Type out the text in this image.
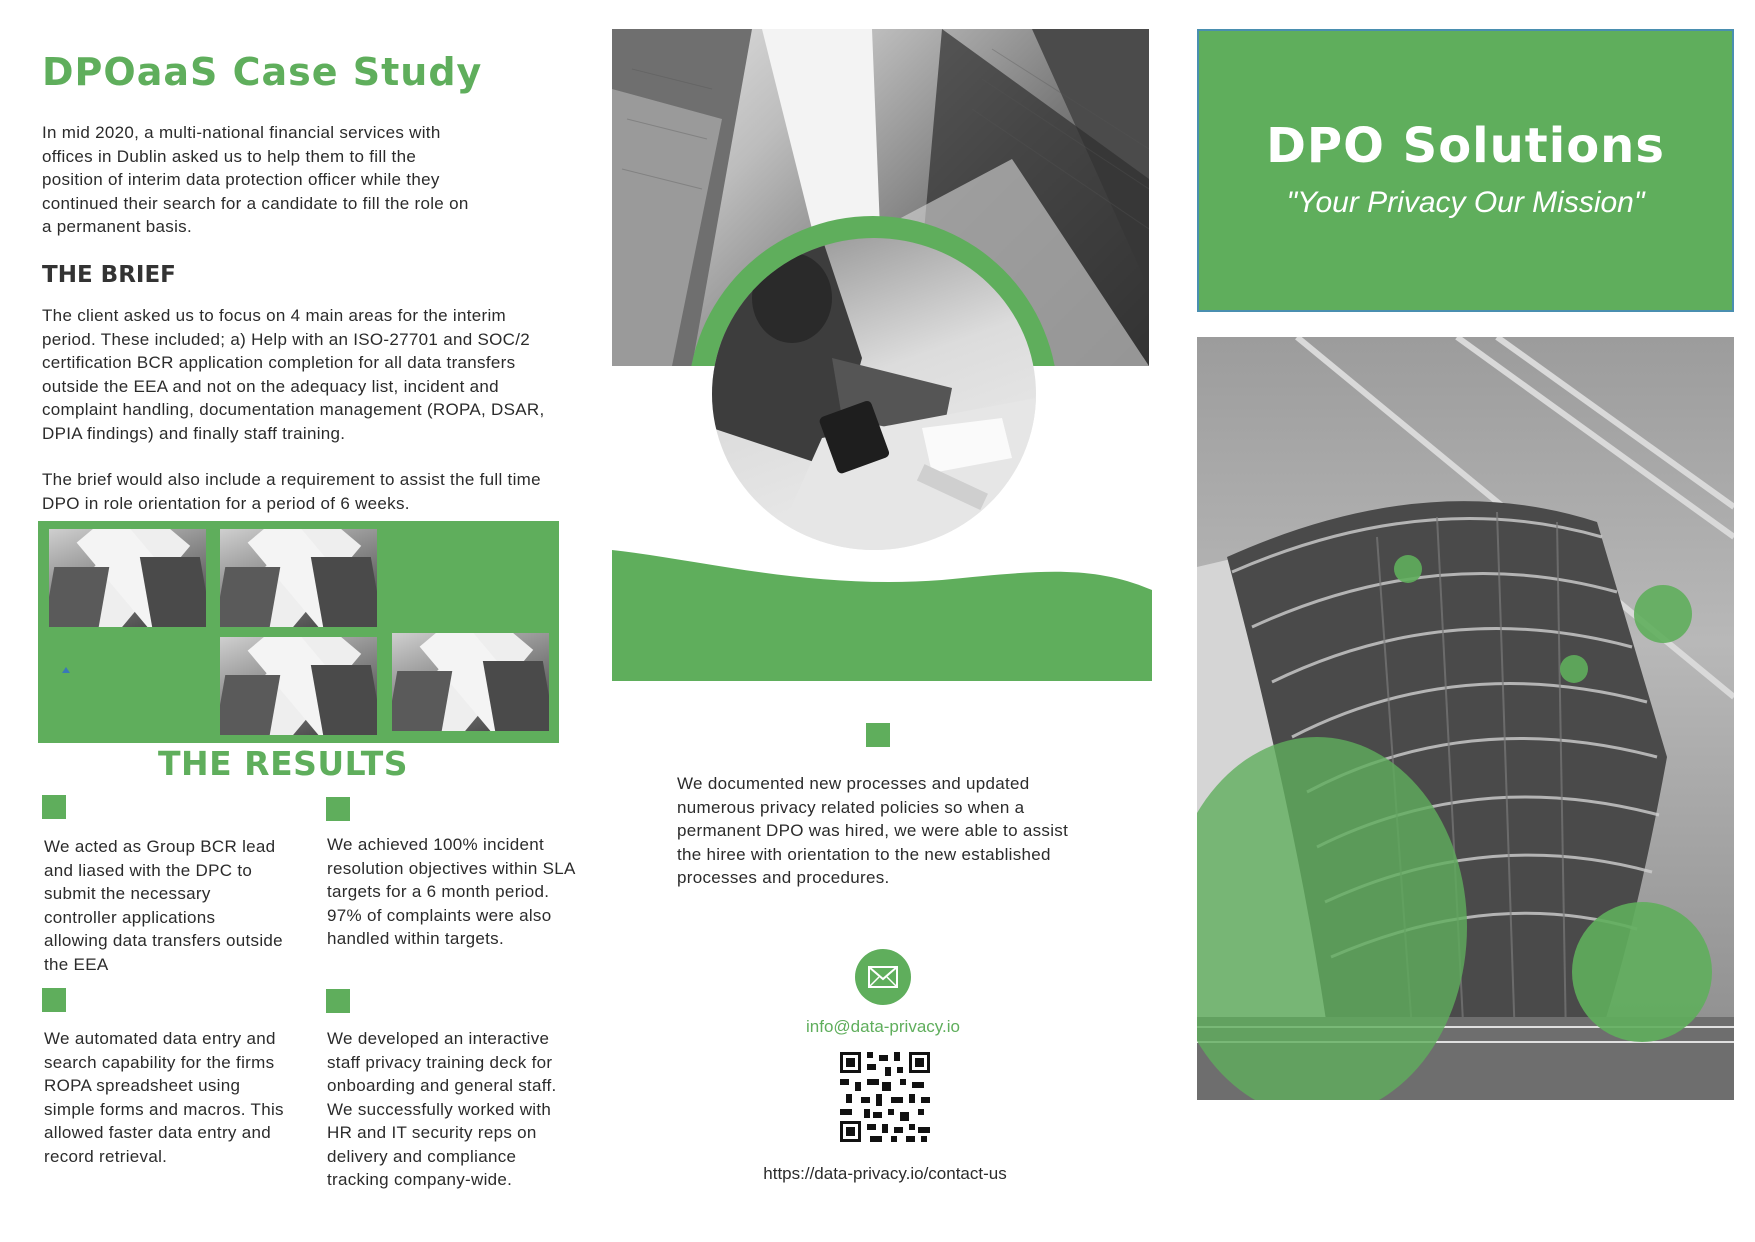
DPOaaS Case Study
In mid 2020, a multi-national financial services with offices in Dublin asked us to help them to fill the position of interim data protection officer while they continued their search for a candidate to fill the role on a permanent basis.
THE BRIEF
The client asked us to focus on 4 main areas for the interim period. These included; a) Help with an ISO-27701 and SOC/2 certification BCR application completion for all data transfers outside the EEA and not on the adequacy list, incident and complaint handling, documentation management (ROPA, DSAR, DPIA findings) and finally staff training.
The brief would also include a requirement to assist the full time DPO in role orientation for a period of 6 weeks.
THE RESULTS
We acted as Group BCR lead and liased with the DPC to submit the necessary controller applications allowing data transfers outside the EEA
We achieved 100% incident resolution objectives within SLA targets for a 6 month period. 97% of complaints were also handled within targets.
We automated data entry and search capability for the firms ROPA spreadsheet using simple forms and macros. This allowed faster data entry and record retrieval.
We developed an interactive staff privacy training deck for onboarding and general staff. We successfully worked with HR and IT security reps on delivery and compliance tracking company-wide.
We documented new processes and updated numerous privacy related policies so when a permanent DPO was hired, we were able to assist the hiree with orientation to the new established processes and procedures.
info@data-privacy.io
https://data-privacy.io/contact-us
DPO Solutions
"Your Privacy Our Mission"
